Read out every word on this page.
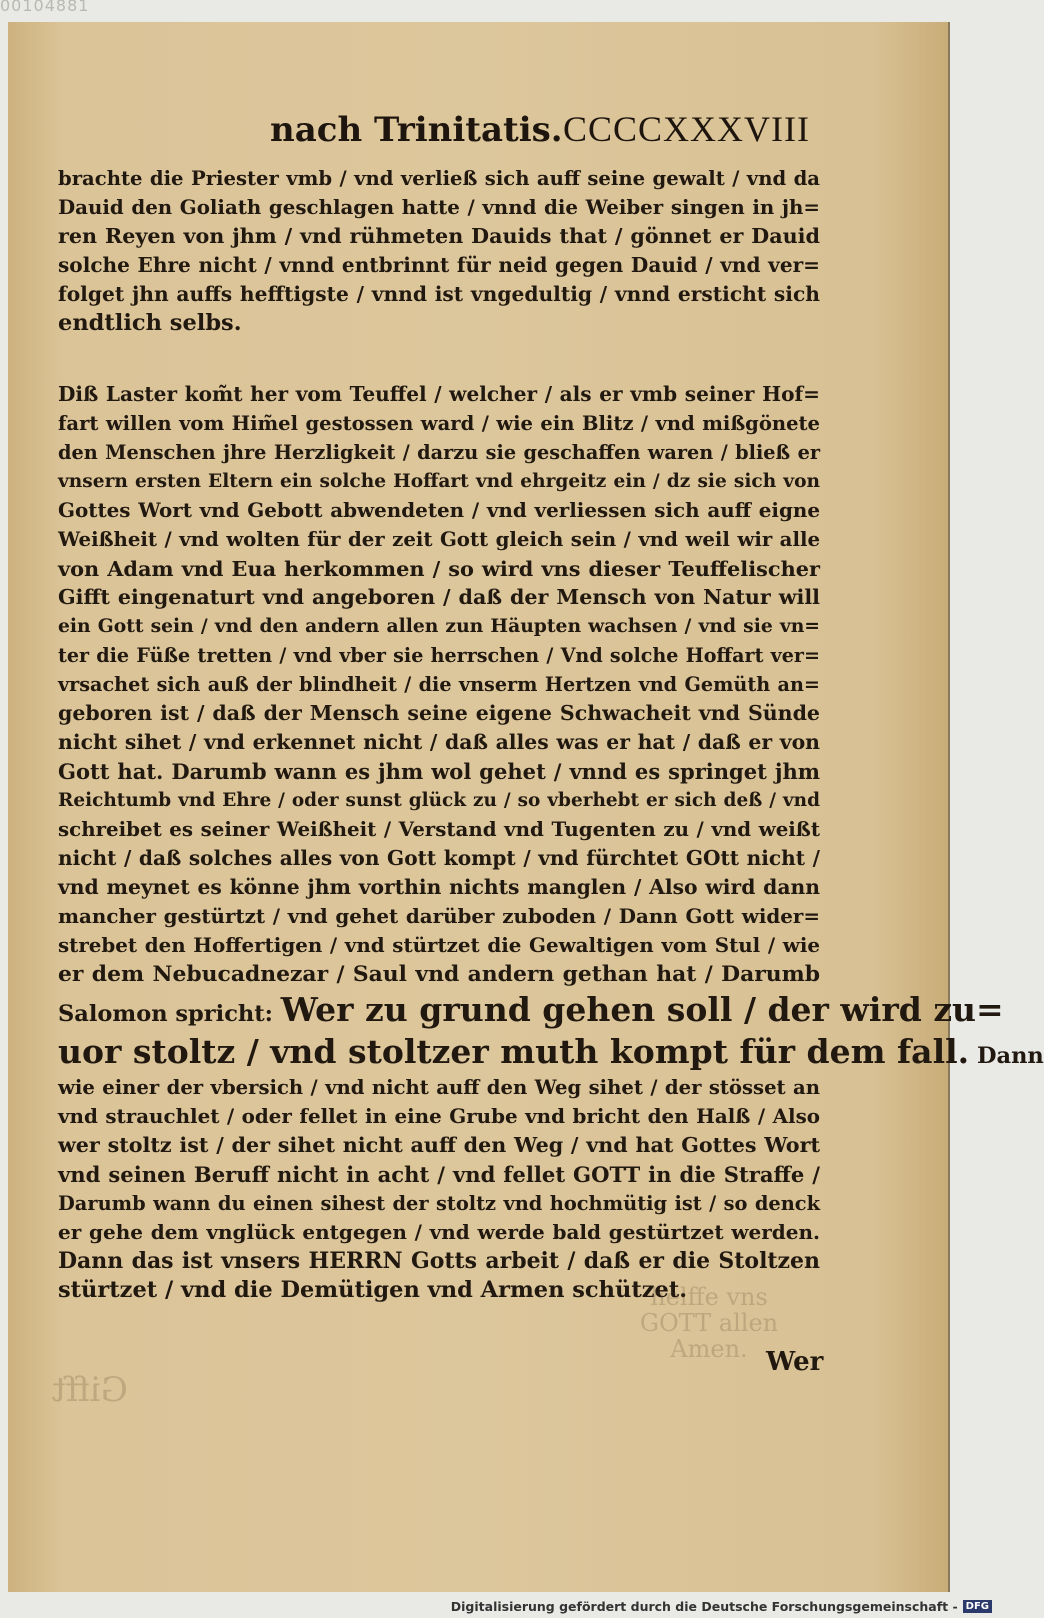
00104881
nach Trinitatis. CCCCXXXVIII
brachte die Priester vmb / vnd verließ sich auff seine gewalt / vnd da
Dauid den Goliath geschlagen hatte / vnnd die Weiber singen in jh=
ren Reyen von jhm / vnd rühmeten Dauids that / gönnet er Dauid
solche Ehre nicht / vnnd entbrinnt für neid gegen Dauid / vnd ver=
folget jhn auffs hefftigste / vnnd ist vngedultig / vnnd ersticht sich
endtlich selbs.
Diß Laster kom̃t her vom Teuffel / welcher / als er vmb seiner Hof=
fart willen vom Him̃el gestossen ward / wie ein Blitz / vnd mißgönete
den Menschen jhre Herzligkeit / darzu sie geschaffen waren / bließ er
vnsern ersten Eltern ein solche Hoffart vnd ehrgeitz ein / dz sie sich von
Gottes Wort vnd Gebott abwendeten / vnd verliessen sich auff eigne
Weißheit / vnd wolten für der zeit Gott gleich sein / vnd weil wir alle
von Adam vnd Eua herkommen / so wird vns dieser Teuffelischer
Gifft eingenaturt vnd angeboren / daß der Mensch von Natur will
ein Gott sein / vnd den andern allen zun Häupten wachsen / vnd sie vn=
ter die Füße tretten / vnd vber sie herrschen / Vnd solche Hoffart ver=
vrsachet sich auß der blindheit / die vnserm Hertzen vnd Gemüth an=
geboren ist / daß der Mensch seine eigene Schwacheit vnd Sünde
nicht sihet / vnd erkennet nicht / daß alles was er hat / daß er von
Gott hat. Darumb wann es jhm wol gehet / vnnd es springet jhm
Reichtumb vnd Ehre / oder sunst glück zu / so vberhebt er sich deß / vnd
schreibet es seiner Weißheit / Verstand vnd Tugenten zu / vnd weißt
nicht / daß solches alles von Gott kompt / vnd fürchtet GOtt nicht /
vnd meynet es könne jhm vorthin nichts manglen / Also wird dann
mancher gestürtzt / vnd gehet darüber zuboden / Dann Gott wider=
strebet den Hoffertigen / vnd stürtzet die Gewaltigen vom Stul / wie
er dem Nebucadnezar / Saul vnd andern gethan hat / Darumb
Salomon spricht: Wer zu grund gehen soll / der wird zu=
uor stoltz / vnd stoltzer muth kompt für dem fall. Dann
wie einer der vbersich / vnd nicht auff den Weg sihet / der stösset an
vnd strauchlet / oder fellet in eine Grube vnd bricht den Halß / Also
wer stoltz ist / der sihet nicht auff den Weg / vnd hat Gottes Wort
vnd seinen Beruff nicht in acht / vnd fellet GOTT in die Straffe /
Darumb wann du einen sihest der stoltz vnd hochmütig ist / so denck
er gehe dem vnglück entgegen / vnd werde bald gestürtzet werden.
Dann das ist vnsers HERRN Gotts arbeit / daß er die Stoltzen
stürtzet / vnd die Demütigen vnd Armen schützet.
helffe vns GOTT allen
Amen.
Gifft
Wer
Digitalisierung gefördert durch die Deutsche Forschungsgemeinschaft - DFG
